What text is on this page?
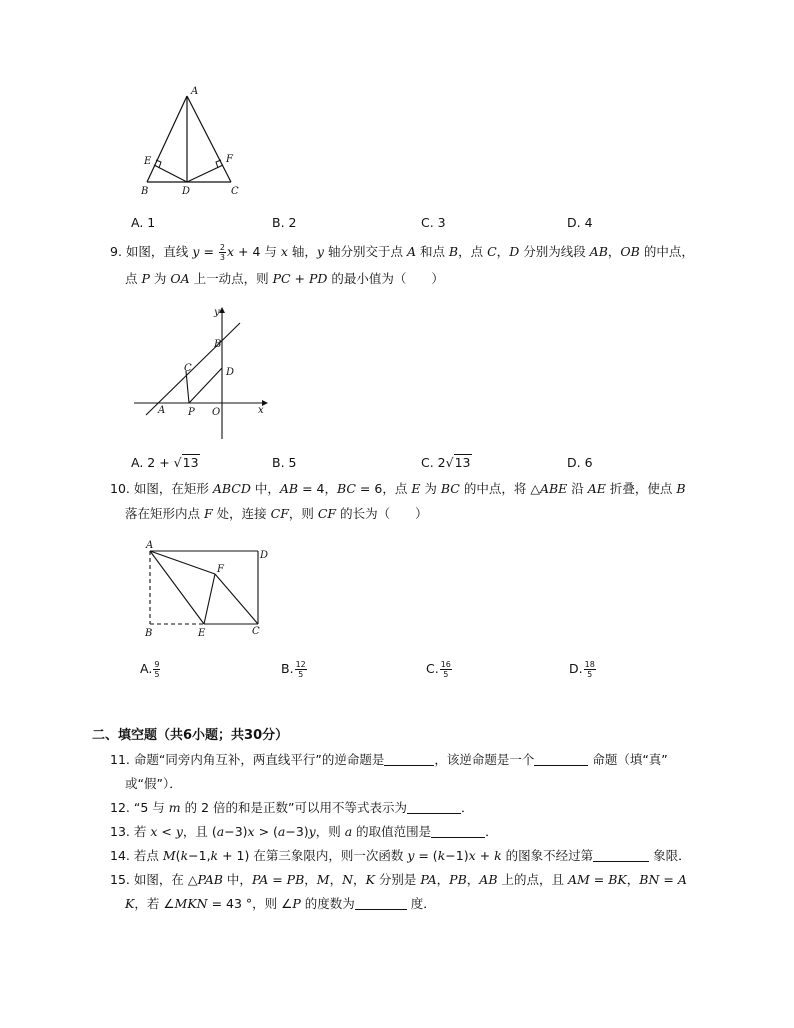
A
B	C
D
E	F
A. 1	B. 2	C. 3	D. 4
9. 如图，直线 $y = \frac{2}{3}$ x + 4 与 x 轴，y 轴分别交于点 A 和点 B，点 C，D 分别为线段 AB，OB 的中点，
点 P 为 OA 上一动点，则 PC + PD 的最小值为（　　）
y
x
A
B
C	D
P O
A. 2 + √13	B. 5	C. 2√13	D. 6
10. 如图，在矩形 ABCD 中，AB = 4，BC = 6，点 E 为 BC 的中点，将 △ABE 沿 AE 折叠，使点 B
落在矩形内点 F 处，连接 CF，则 CF 的长为（　　）
A
D
B	E	C
F
A. $\frac{9}{5}$	B. $\frac{12}{5}$	C. $\frac{16}{5}$	D. $\frac{18}{5}$
二、填空题（共6小题；共30分）
11. 命题“同旁内角互补，两直线平行”的逆命题是	，该逆命题是一个	命题（填“真”
或“假”）．
12. “5 与 m 的 2 倍的和是正数”可以用不等式表示为	．
13. 若 x < y，且 (a−3)x > (a−3)y，则 a 的取值范围是	．
14. 若点 M(k−1,k + 1) 在第三象限内，则一次函数 y = (k−1)x + k 的图象不经过第	象限．
15. 如图，在 △PAB 中，PA = PB，M，N，K 分别是 PA，PB，AB 上的点，且 AM = BK，BN = A
K，若 ∠MKN = 43 °，则 ∠P 的度数为	度．
